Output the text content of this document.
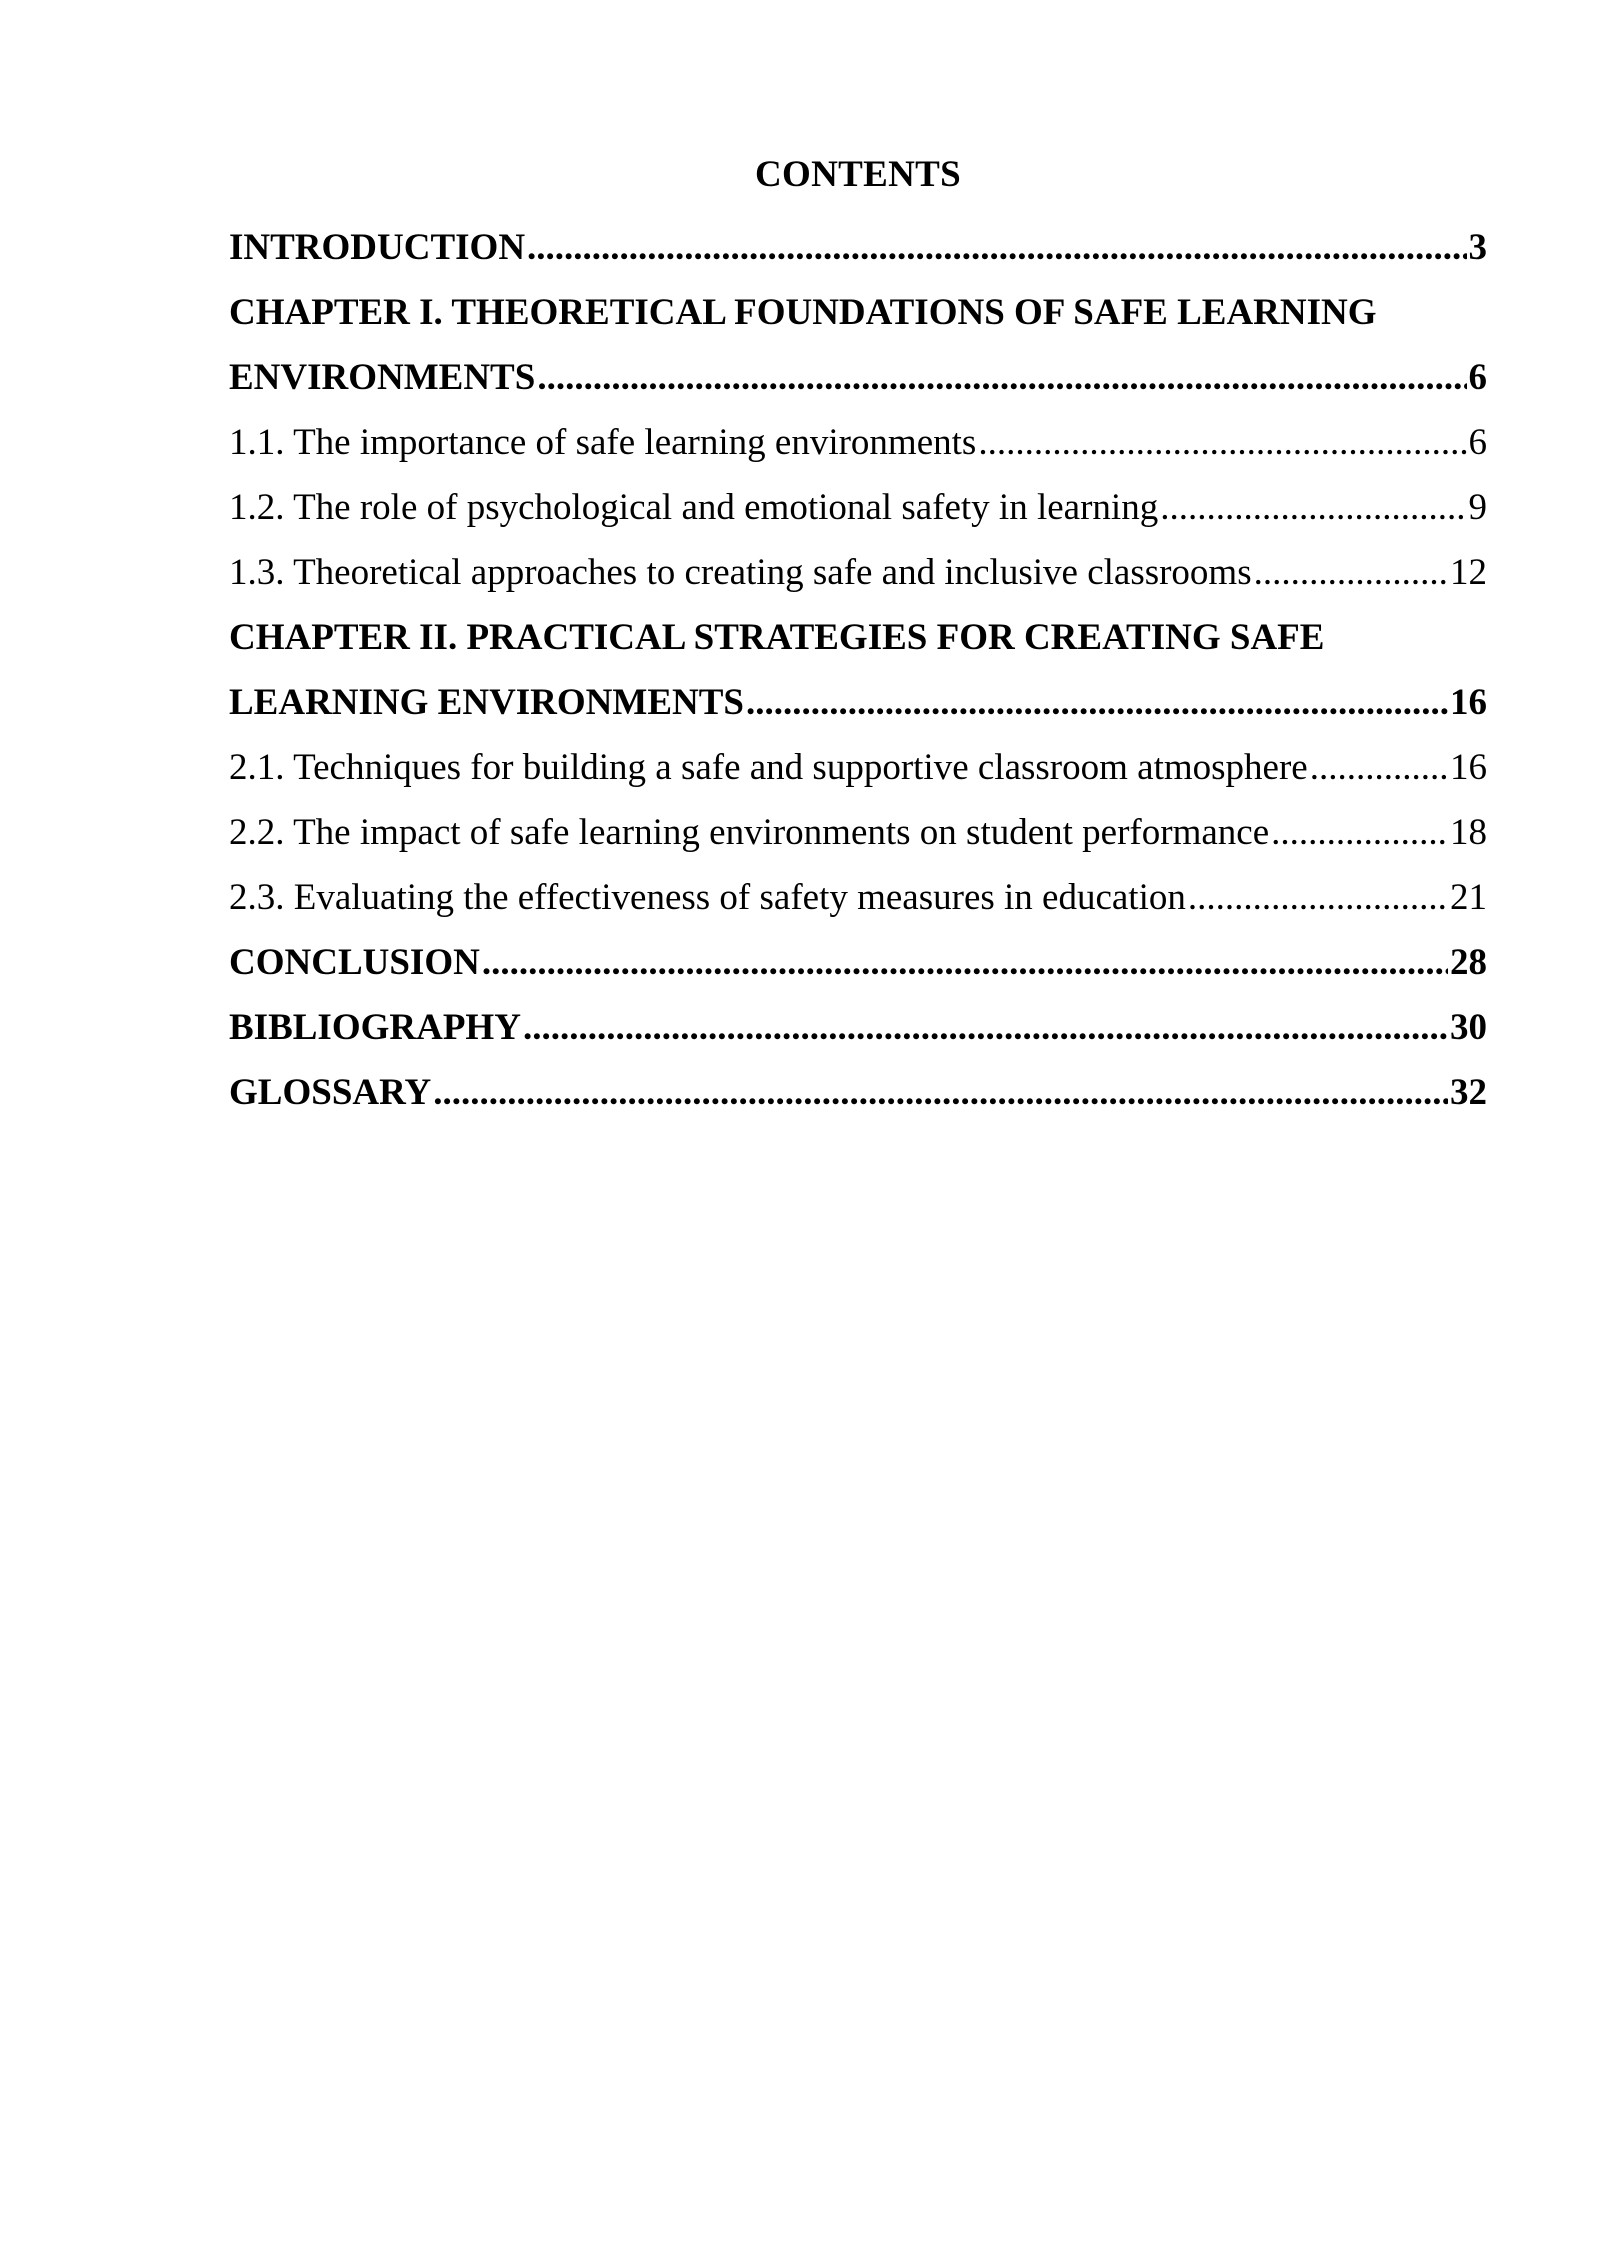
CONTENTS
INTRODUCTION .....	3
CHAPTER I. THEORETICAL FOUNDATIONS OF SAFE LEARNING
ENVIRONMENTS .....	6
1.1. The importance of safe learning environments .....	6
1.2. The role of psychological and emotional safety in learning .....	9
1.3. Theoretical approaches to creating safe and inclusive classrooms .....	12
CHAPTER II. PRACTICAL STRATEGIES FOR CREATING SAFE
LEARNING ENVIRONMENTS .....	16
2.1. Techniques for building a safe and supportive classroom atmosphere .....	16
2.2. The impact of safe learning environments on student performance .....	18
2.3. Evaluating the effectiveness of safety measures in education .....	21
CONCLUSION .....	28
BIBLIOGRAPHY .....	30
GLOSSARY .....	32
